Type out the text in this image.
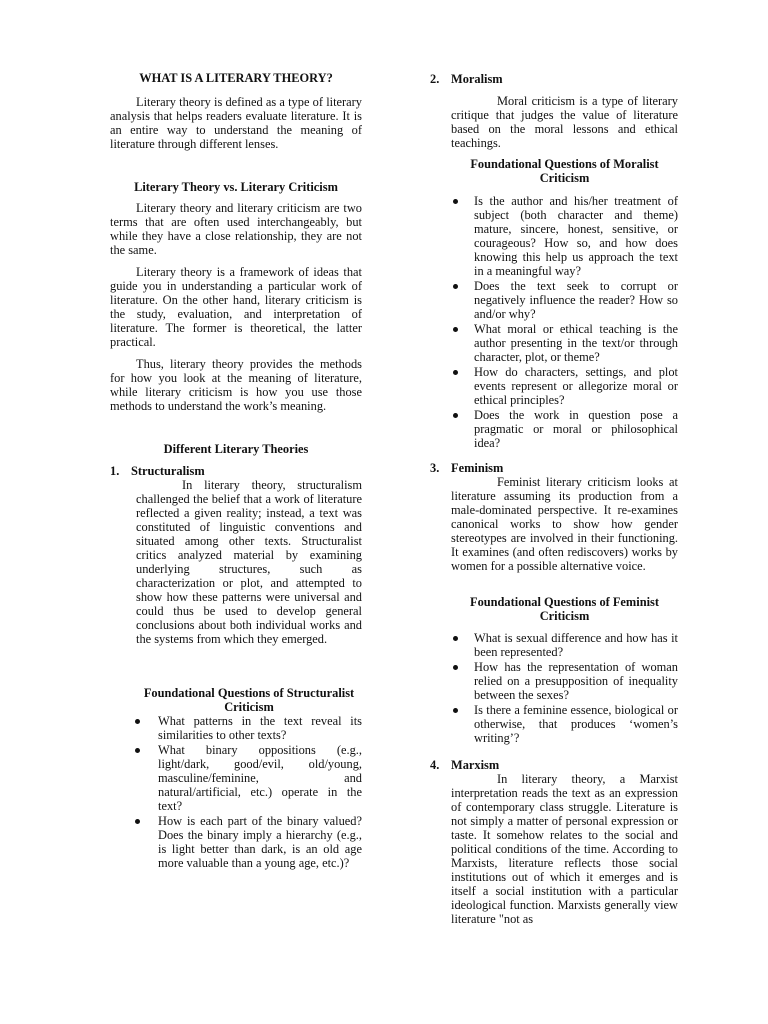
WHAT IS A LITERARY THEORY?

Literary theory is defined as a type of literary analysis that helps readers evaluate literature. It is an entire way to understand the meaning of literature through different lenses.

Literary Theory vs. Literary Criticism

Literary theory and literary criticism are two terms that are often used interchangeably, but while they have a close relationship, they are not the same.

Literary theory is a framework of ideas that guide you in understanding a particular work of literature. On the other hand, literary criticism is the study, evaluation, and interpretation of literature. The former is theoretical, the latter practical.

Thus, literary theory provides the methods for how you look at the meaning of literature, while literary criticism is how you use those methods to understand the work’s meaning.

Different Literary Theories
1. Structuralism

In literary theory, structuralism challenged the belief that a work of literature reflected a given reality; instead, a text was constituted of linguistic conventions and situated among other texts. Structuralist critics analyzed material by examining underlying structures, such as characterization or plot, and attempted to show how these patterns were universal and could thus be used to develop general conclusions about both individual works and the systems from which they emerged.

Foundational Questions of Structuralist Criticism
What patterns in the text reveal its similarities to other texts?
What binary oppositions (e.g., light/dark, good/evil, old/young, masculine/feminine, and natural/artificial, etc.) operate in the text?
How is each part of the binary valued? Does the binary imply a hierarchy (e.g., is light better than dark, is an old age more valuable than a young age, etc.)?
2. Moralism

Moral criticism is a type of literary critique that judges the value of literature based on the moral lessons and ethical teachings.

Foundational Questions of Moralist Criticism
Is the author and his/her treatment of subject (both character and theme) mature, sincere, honest, sensitive, or courageous? How so, and how does knowing this help us approach the text in a meaningful way?
Does the text seek to corrupt or negatively influence the reader? How so and/or why?
What moral or ethical teaching is the author presenting in the text/or through character, plot, or theme?
How do characters, settings, and plot events represent or allegorize moral or ethical principles?
Does the work in question pose a pragmatic or moral or philosophical idea?
3. Feminism

Feminist literary criticism looks at literature assuming its production from a male-dominated perspective. It re-examines canonical works to show how gender stereotypes are involved in their functioning. It examines (and often rediscovers) works by women for a possible alternative voice.

Foundational Questions of Feminist Criticism
What is sexual difference and how has it been represented?
How has the representation of woman relied on a presupposition of inequality between the sexes?
Is there a feminine essence, biological or otherwise, that produces ‘women’s writing’?
4. Marxism

In literary theory, a Marxist interpretation reads the text as an expression of contemporary class struggle. Literature is not simply a matter of personal expression or taste. It somehow relates to the social and political conditions of the time. According to Marxists, literature reflects those social institutions out of which it emerges and is itself a social institution with a particular ideological function. Marxists generally view literature "not as
